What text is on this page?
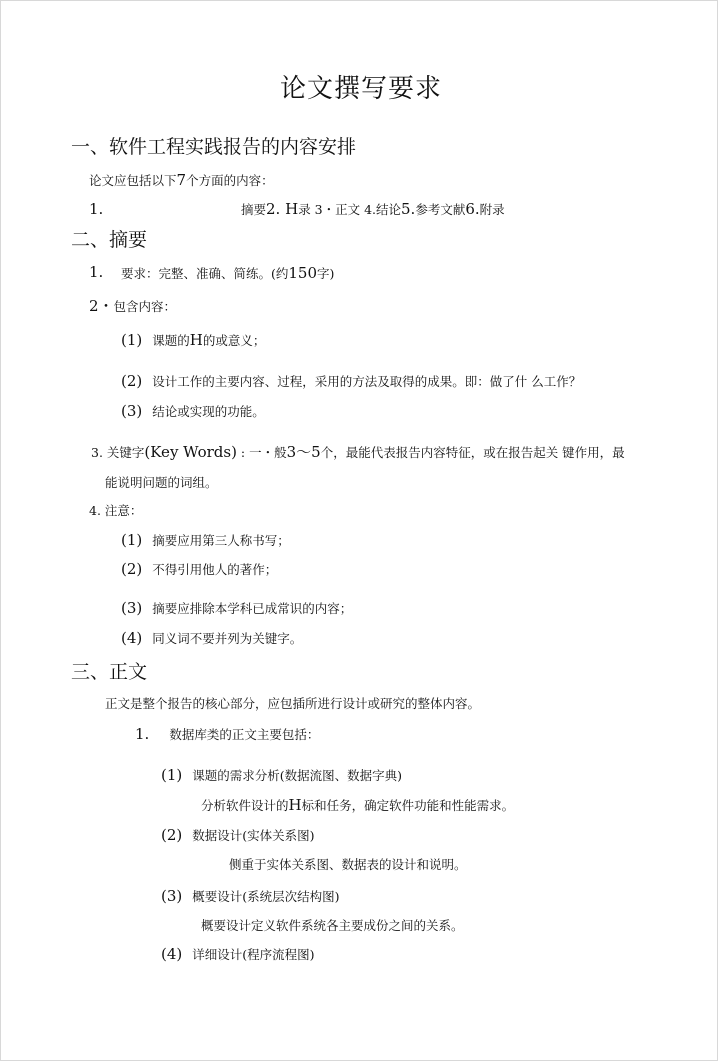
论文撰写要求
一、软件工程实践报告的内容安排
论文应包括以下7个方面的内容：
1.	摘要2. H录 3・正文 4.结论5.参考文献6.附录
二、摘要
1. 要求：完整、准确、简练。(约150字)
2・包含内容：
(1) 课题的H的或意义；
(2) 设计工作的主要内容、过程，采用的方法及取得的成果。即：做了什 么工作？
(3) 结论或实现的功能。
3. 关键字(Key Words) : 一・般3～5个，最能代表报告内容特征，或在报告起关 键作用，最
能说明问题的词组。
4. 注意：
(1) 摘要应用第三人称书写；
(2) 不得引用他人的著作；
(3) 摘要应排除本学科已成常识的内容；
(4) 同义词不要并列为关键字。
三、正文
正文是整个报告的核心部分，应包插所进行设计或研究的整体内容。
1. 数据库类的正文主要包括：
(1) 课题的需求分析(数据流图、数据字典)
分析软件设计的H标和任务，确定软件功能和性能需求。
(2) 数据设计(实体关系图)
侧重于实体关系图、数据表的设计和说明。
(3) 概要设计(系统层次结构图)
概要设计定义软件系统各主要成份之间的关系。
(4) 详细设计(程序流程图)
